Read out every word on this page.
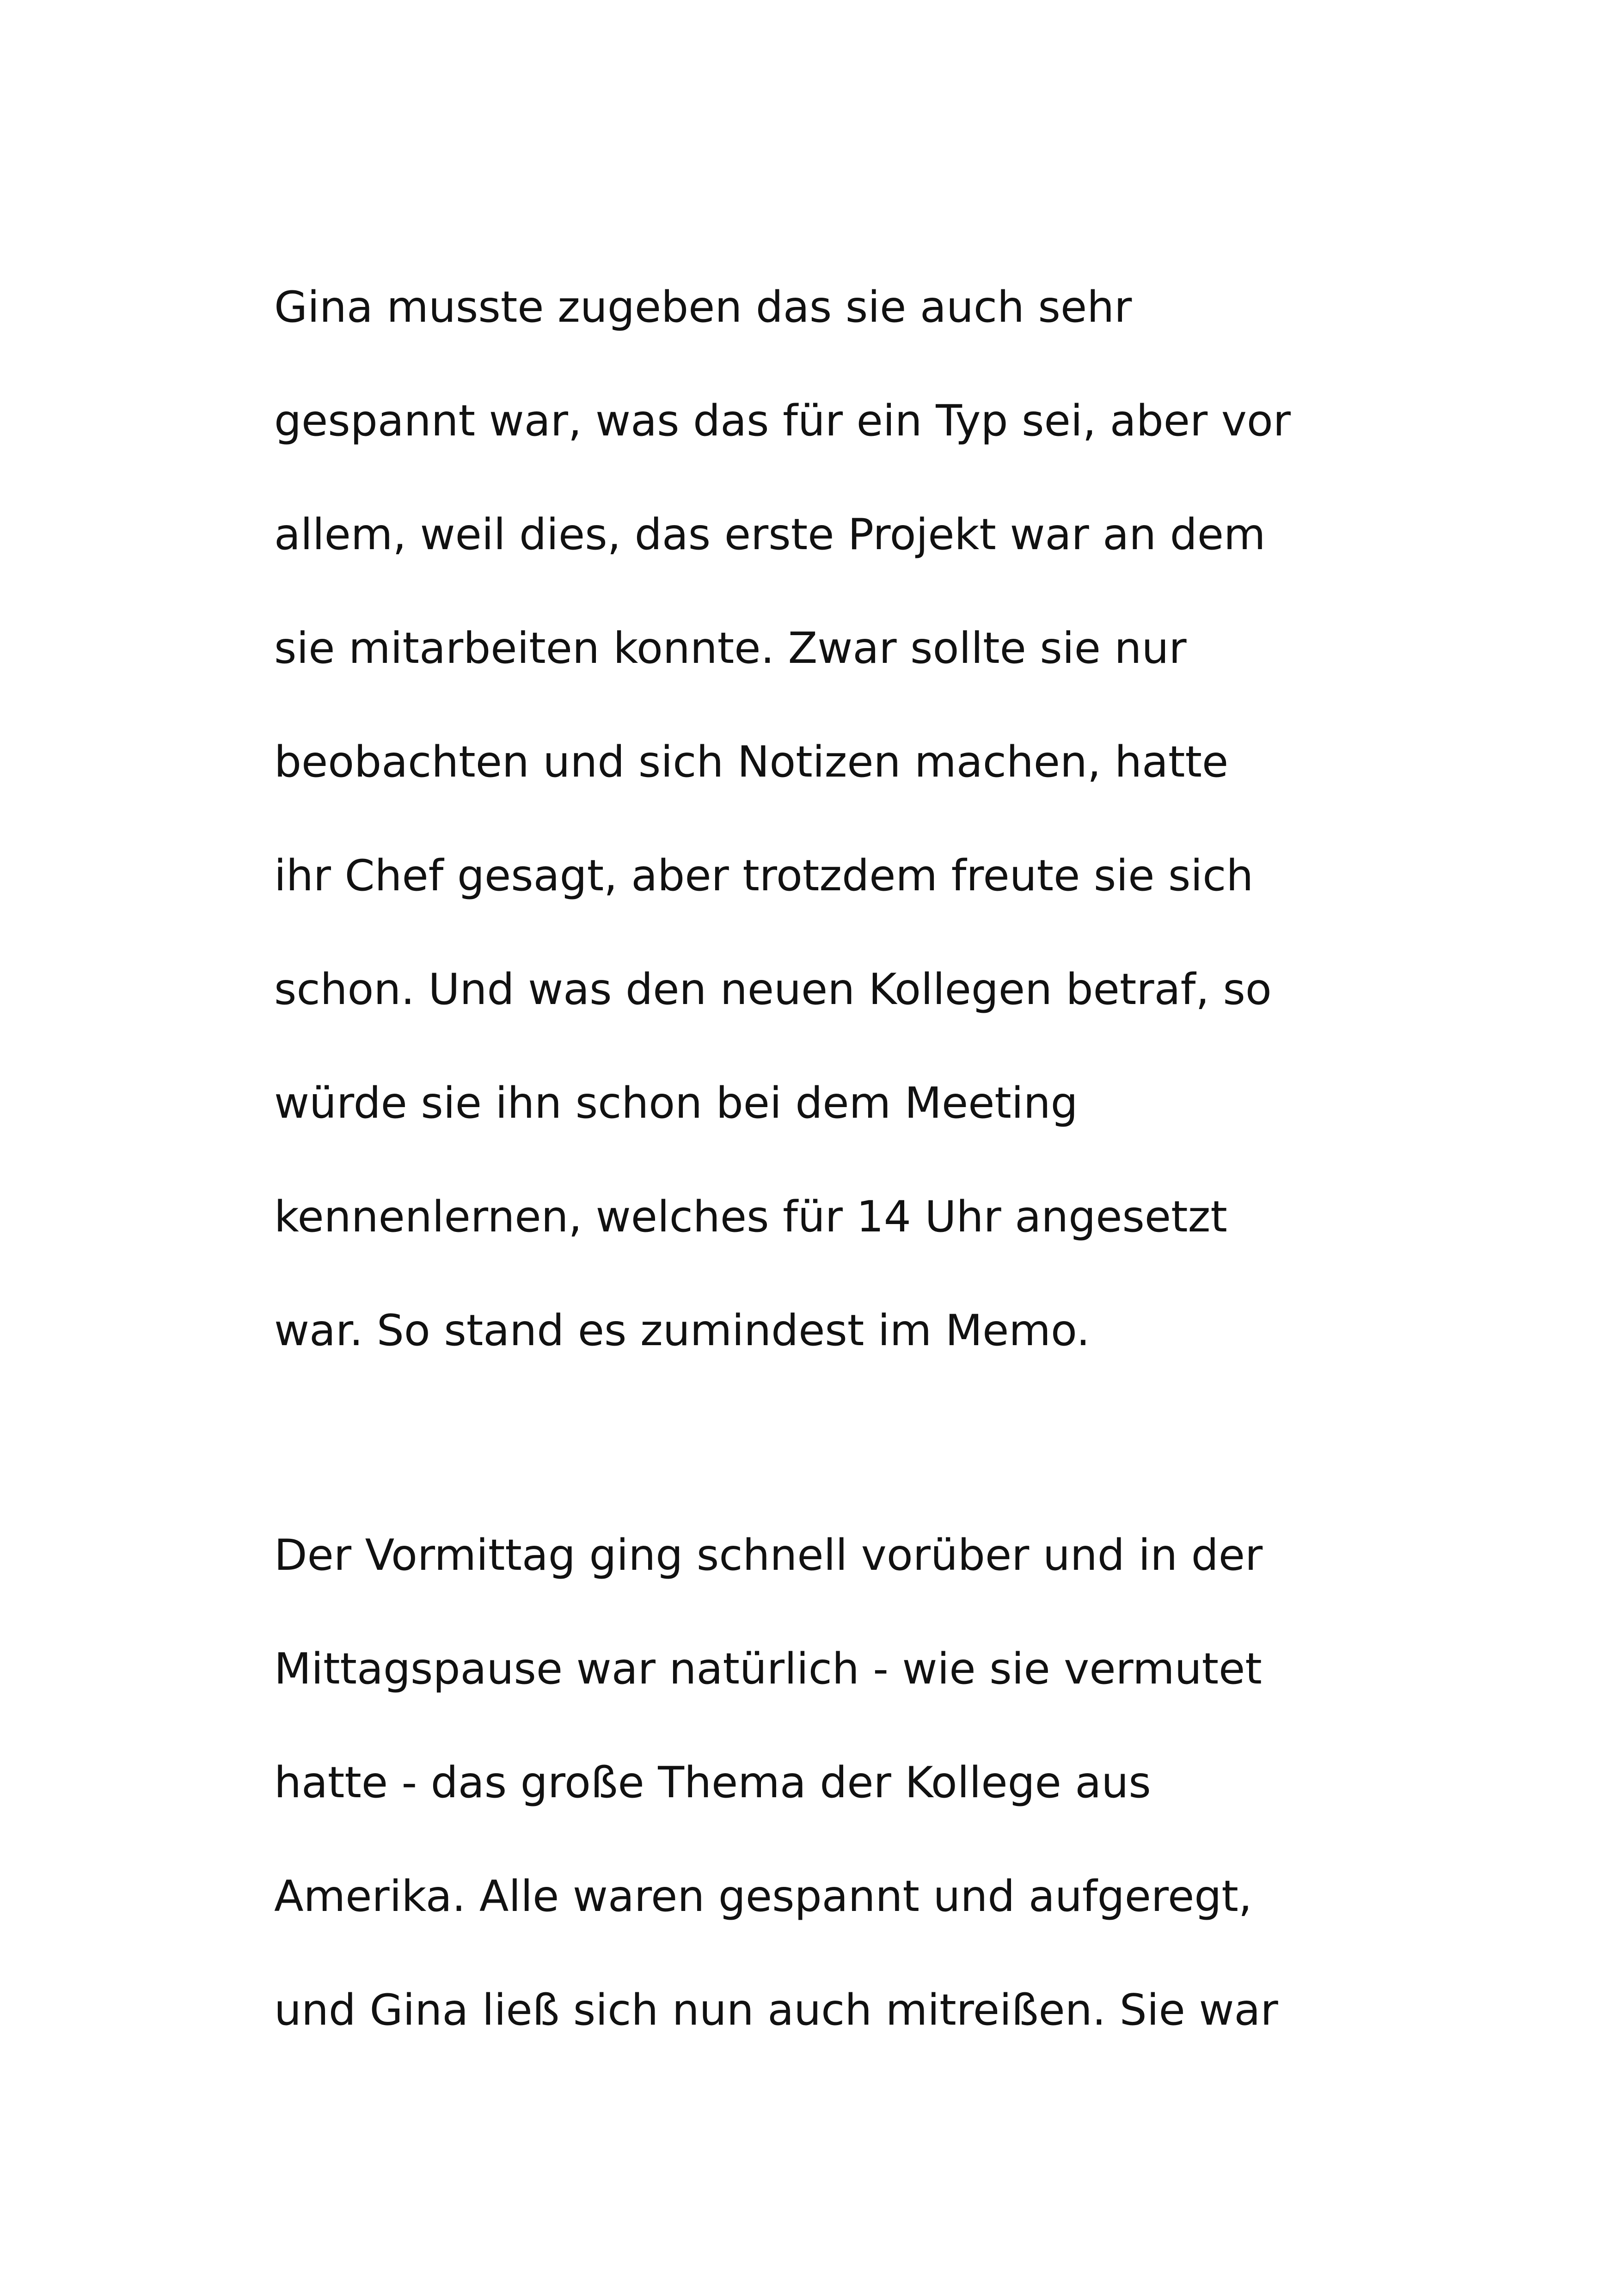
Gina musste zugeben das sie auch sehr
gespannt war, was das für ein Typ sei, aber vor
allem, weil dies, das erste Projekt war an dem
sie mitarbeiten konnte. Zwar sollte sie nur
beobachten und sich Notizen machen, hatte
ihr Chef gesagt, aber trotzdem freute sie sich
schon. Und was den neuen Kollegen betraf, so
würde sie ihn schon bei dem Meeting
kennenlernen, welches für 14 Uhr angesetzt
war. So stand es zumindest im Memo.
Der Vormittag ging schnell vorüber und in der
Mittagspause war natürlich - wie sie vermutet
hatte - das große Thema der Kollege aus
Amerika. Alle waren gespannt und aufgeregt,
und Gina ließ sich nun auch mitreißen. Sie war
